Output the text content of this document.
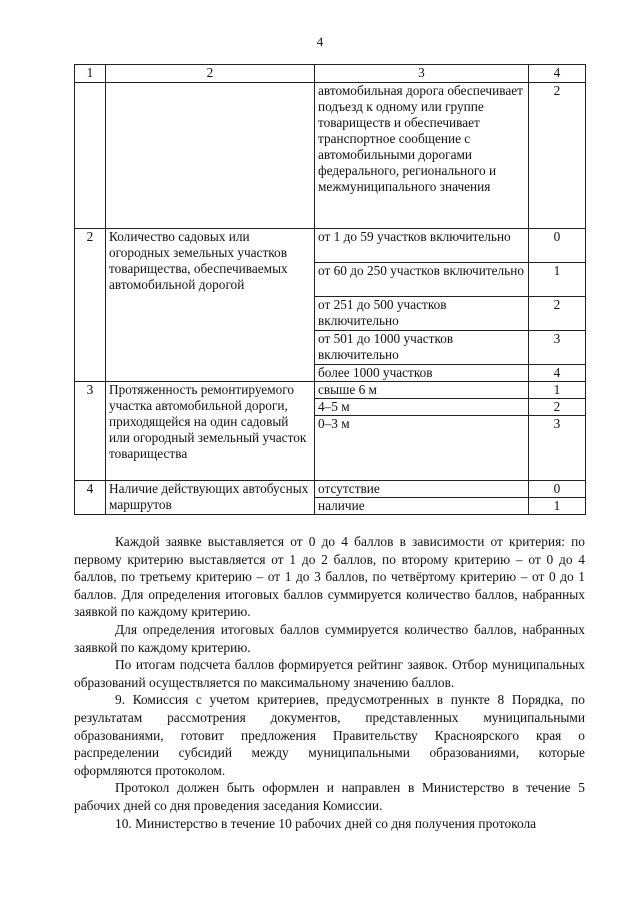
4
1	2	3	4
		автомобильная дорога обеспечивает подъезд к одному или группе товариществ и обеспечивает транспортное сообщение с автомобильными дорогами федерального, регионального и межмуниципального значения	2
2	Количество садовых или огородных земельных участков товарищества, обеспечиваемых автомобильной дорогой	от 1 до 59 участков включительно	0
		от 60 до 250 участков включительно	1
		от 251 до 500 участков включительно	2
		от 501 до 1000 участков включительно	3
		более 1000 участков	4
3	Протяженность ремонтируемого участка автомобильной дороги, приходящейся на один садовый или огородный земельный участок товарищества	свыше 6 м	1
		4–5 м	2
		0–3 м	3
4	Наличие действующих автобусных маршрутов	отсутствие	0
		наличие	1

Каждой заявке выставляется от 0 до 4 баллов в зависимости от критерия: по первому критерию выставляется от 1 до 2 баллов, по второму критерию – от 0 до 4 баллов, по третьему критерию – от 1 до 3 баллов, по четвёртому критерию – от 0 до 1 баллов. Для определения итоговых баллов суммируется количество баллов, набранных заявкой по каждому критерию.

Для определения итоговых баллов суммируется количество баллов, набранных заявкой по каждому критерию.

По итогам подсчета баллов формируется рейтинг заявок. Отбор муниципальных образований осуществляется по максимальному значению баллов.

9. Комиссия с учетом критериев, предусмотренных в пункте 8 Порядка, по результатам рассмотрения документов, представленных муниципальными образованиями, готовит предложения Правительству Красноярского края о распределении субсидий между муниципальными образованиями, которые оформляются протоколом.

Протокол должен быть оформлен и направлен в Министерство в течение 5 рабочих дней со дня проведения заседания Комиссии.

10. Министерство в течение 10 рабочих дней со дня получения протокола
